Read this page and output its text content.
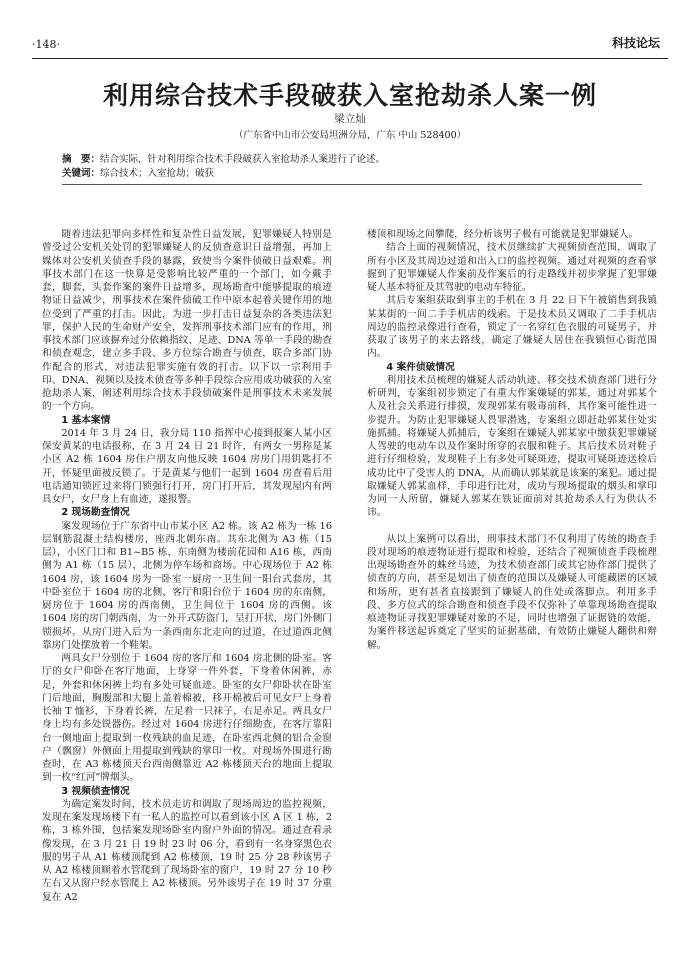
·148·	科技论坛
利用综合技术手段破获入室抢劫杀人案一例
梁立灿
（广东省中山市公安局坦洲分局，广东 中山 528400）
摘　要：结合实际，针对利用综合技术手段破获入室抢劫杀人案进行了论述。
关键词：综合技术；入室抢劫；破获

随着违法犯罪向多样性和复杂性日益发展，犯罪嫌疑人特别是曾受过公安机关处罚的犯罪嫌疑人的反侦查意识日益增强，再加上媒体对公安机关侦查手段的暴露，致使当今案件侦破日益艰难。刑事技术部门在这一快算是受影响比较严重的一个部门，如今戴手套，脚套，头套作案的案件日益增多，现场勘查中能够提取的痕迹物证日益减少，刑事技术在案件侦破工作中原本起着关键作用的地位受到了严重的打击。因此，为进一步打击日益复杂的各类违法犯罪，保护人民的生命财产安全，发挥刑事技术部门应有的作用，刑事技术部门应该摒弃过分依赖指纹、足迹、DNA 等单一手段的勘查和侦查观念，建立多手段、多方位综合勘查与侦查，联合多部门协作配合的形式，对违法犯罪实施有效的打击。以下以一宗利用手印、DNA、视频以及技术侦查等多种手段综合应用成功破获的入室抢劫杀人案，阐述利用综合技术手段侦破案件是刑事技术未来发展的一个方向。

1 基本案情

2014 年 3 月 24 日，我分局 110 指挥中心接到报案人某小区保安黄某的电话报称，在 3 月 24 日 21 时许，有两女一男称是某小区 A2 栋 1604 房住户朋友向他反映 1604 房房门用钥匙打不开，怀疑里面被反锁了。于是黄某与他们一起到 1604 房查看后用电话通知锁匠过来将门锁强行打开，房门打开后，其发现屋内有两具女尸，女尸身上有血迹，遂报警。

2 现场勘查情况

案发现场位于广东省中山市某小区 A2 栋。该 A2 栋为一栋 16 层钢筋混凝土结构楼房，座西北朝东南。其东北侧为 A3 栋（15 层），小区门口和 B1~B5 栋，东南侧为楼前花园和 A16 栋，西南侧为 A1 栋（15 层），北侧为停车场和商场。中心现场位于 A2 栋 1604 房，该 1604 房为一卧室一厨房一卫生间一阳台式套房，其中卧室位于 1604 房的北侧，客厅和阳台位于 1604 房的东南侧，厨房位于 1604 房的西南侧，卫生间位于 1604 房的西侧。该 1604 房的房门朝西南，为一外开式防盗门，呈打开状，房门外侧门锁损坏。从房门进入后为一条西南东北走向的过道，在过道西北侧靠房门处摆放着一个鞋架。

两具女尸分别位于 1604 房的客厅和 1604 房北侧的卧室。客厅的女尸仰卧在客厅地面，上身穿一件外套，下身着休闲裤，赤足，外套和休闲裤上均有多处可疑血迹。卧室的女尸仰卧状在卧室门后地面，胸腹部和大腿上盖着棉被，移开棉被后可见女尸上身着长袖 T 恤衫，下身着长裤，左足着一只袜子，右足赤足。两具女尸身上均有多处锐器伤。经过对 1604 房进行仔细勘查，在客厅靠阳台一侧地面上提取到一枚残缺的血足迹，在卧室西北侧的铝合金窗户（飘窗）外侧面上用提取到残缺的掌印一枚。对现场外围进行勘查时，在 A3 栋楼顶天台西南侧靠近 A2 栋楼顶天台的地面上提取到一枚“红河”牌烟头。

3 视频侦查情况

为确定案发时间，技术员走访和调取了现场周边的监控视频，发现在案发现场楼下有一私人的监控可以看到该小区 A 区 1 栋，2 栋，3 栋外围，包括案发现场卧室内窗户外面的情况。通过查看录像发现，在 3 月 21 日 19 时 23 时 06 分，看到有一名身穿黑色衣服的男子从 A1 栋楼顶爬到 A2 栋楼顶，19 时 25 分 28 秒该男子从 A2 栋楼顶顺着水管爬到了现场卧室的窗户，19 时 27 分 10 秒左右又从窗户经水管爬上 A2 栋楼顶。另外该男子在 19 时 37 分重复在 A2

楼顶和现场之间攀爬，经分析该男子极有可能就是犯罪嫌疑人。

结合上面的视频情况，技术员继续扩大视频侦查范围，调取了所有小区及其周边过道和出入口的监控视频。通过对视频的查看掌握到了犯罪嫌疑人作案前及作案后的行走路线并初步掌握了犯罪嫌疑人基本特征及其驾驶的电动车特征。

其后专案组获取到事主的手机在 3 月 22 日下午被销售到我镇某某街的一间二手手机店的线索。于是技术员又调取了二手手机店周边的监控录像进行查看，锁定了一名穿红色衣服的可疑男子，并获取了该男子的来去路线，确定了嫌疑人居住在我镇恒心街范围内。

4 案件侦破情况

利用技术员梳理的嫌疑人活动轨迹、移交技术侦查部门进行分析研判，专案组初步锁定了有重大作案嫌疑的郭某，通过对郭某个人及社会关系进行排摸，发现郭某有吸毒前科，其作案可能性进一步提升。为防止犯罪嫌疑人畏罪潜逃，专案组立即赶赴郭某住处实施抓捕。将嫌疑人抓捕后，专案组在嫌疑人郭某家中缴获犯罪嫌疑人驾驶的电动车以及作案时所穿的衣服和鞋子。其后技术员对鞋子进行仔细检验，发现鞋子上有多处可疑斑迹，提取可疑斑迹送检后成功比中了受害人的 DNA，从而确认郭某就是该案的案犯。通过提取嫌疑人郭某血样，手印进行比对，成功与现场提取的烟头和掌印为同一人所留，嫌疑人郭某在铁证面前对其抢劫杀人行为供认不讳。

从以上案例可以看出，刑事技术部门不仅利用了传统的勘查手段对现场的痕迹物证进行提取和检验，还结合了视频侦查手段梳理出现场勘查外的蛛丝马迹，为技术侦查部门或其它协作部门提供了侦查的方向，甚至是划出了侦查的范围以及嫌疑人可能藏匿的区域和场所，更有甚者直接跟到了嫌疑人的住处或落脚点。利用多手段、多方位式的综合勘查和侦查手段不仅弥补了单靠现场勘查提取痕迹物证寻找犯罪嫌疑对象的不足，同时也增强了证据链的效能，为案件移送起诉奠定了坚实的证据基础，有效防止嫌疑人翻供和辩解。
